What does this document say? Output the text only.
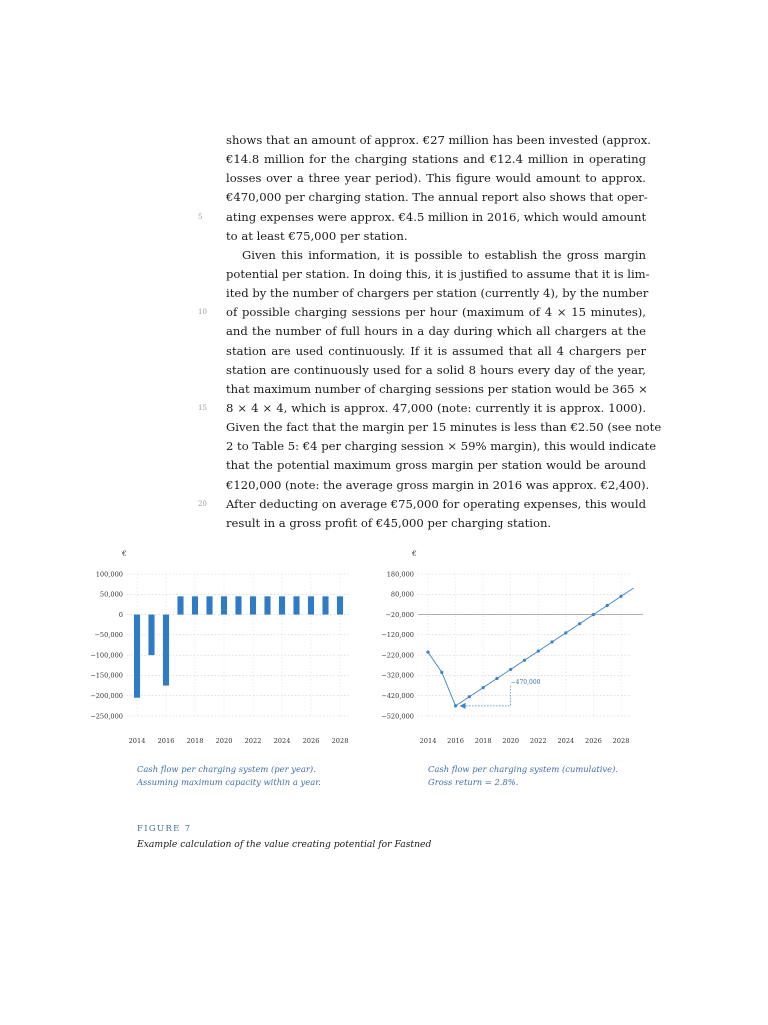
shows that an amount of approx. €27 million has been invested (approx.
€14.8 million for the charging stations and €12.4 million in operating
losses over a three year period). This figure would amount to approx.
€470,000 per charging station. The annual report also shows that oper-
ating expenses were approx. €4.5 million in 2016, which would amount
to at least €75,000 per station.
Given this information, it is possible to establish the gross margin
potential per station. In doing this, it is justified to assume that it is lim-
ited by the number of chargers per station (currently 4), by the number
of possible charging sessions per hour (maximum of 4 × 15 minutes),
and the number of full hours in a day during which all chargers at the
station are used continuously. If it is assumed that all 4 chargers per
station are continuously used for a solid 8 hours every day of the year,
that maximum number of charging sessions per station would be 365 ×
8 × 4 × 4, which is approx. 47,000 (note: currently it is approx. 1000).
Given the fact that the margin per 15 minutes is less than €2.50 (see note
2 to Table 5: €4 per charging session × 59% margin), this would indicate
that the potential maximum gross margin per station would be around
€120,000 (note: the average gross margin in 2016 was approx. €2,400).
After deducting on average €75,000 for operating expenses, this would
result in a gross profit of €45,000 per charging station.
5
10
15
20
€
100,000
50,000
0
−50,000
−100,000
−150,000
−200,000
−250,000
2014 2016 2018 2020 2022 2024 2026 2028
€
180,000
80,000
−20,000
−120,000
−220,000
−320,000
−420,000
−520,000
2014 2016 2018 2020 2022 2024 2026 2028
−470,000
Cash flow per charging system (per year).
Assuming maximum capacity within a year.
Cash flow per charging system (cumulative).
Gross return = 2.8%.
FIGURE 7
Example calculation of the value creating potential for Fastned
